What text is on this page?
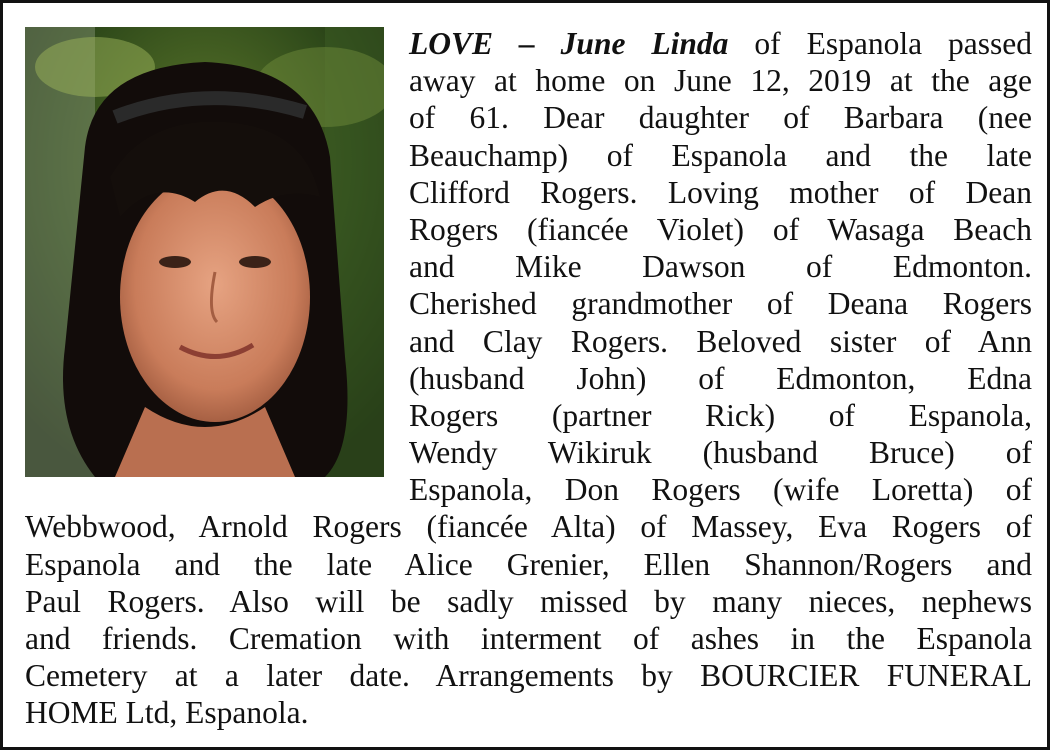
LOVE – June Linda of Espanola passed
away at home on June 12, 2019 at the age
of 61. Dear daughter of Barbara (nee
Beauchamp) of Espanola and the late
Clifford Rogers. Loving mother of Dean
Rogers (fiancée Violet) of Wasaga Beach
and Mike Dawson of Edmonton.
Cherished grandmother of Deana Rogers
and Clay Rogers. Beloved sister of Ann
(husband John) of Edmonton, Edna
Rogers (partner Rick) of Espanola,
Wendy Wikiruk (husband Bruce) of
Espanola, Don Rogers (wife Loretta) of
Webbwood, Arnold Rogers (fiancée Alta) of Massey, Eva Rogers of
Espanola and the late Alice Grenier, Ellen Shannon/Rogers and
Paul Rogers. Also will be sadly missed by many nieces, nephews
and friends. Cremation with interment of ashes in the Espanola
Cemetery at a later date. Arrangements by BOURCIER FUNERAL
HOME Ltd, Espanola.
